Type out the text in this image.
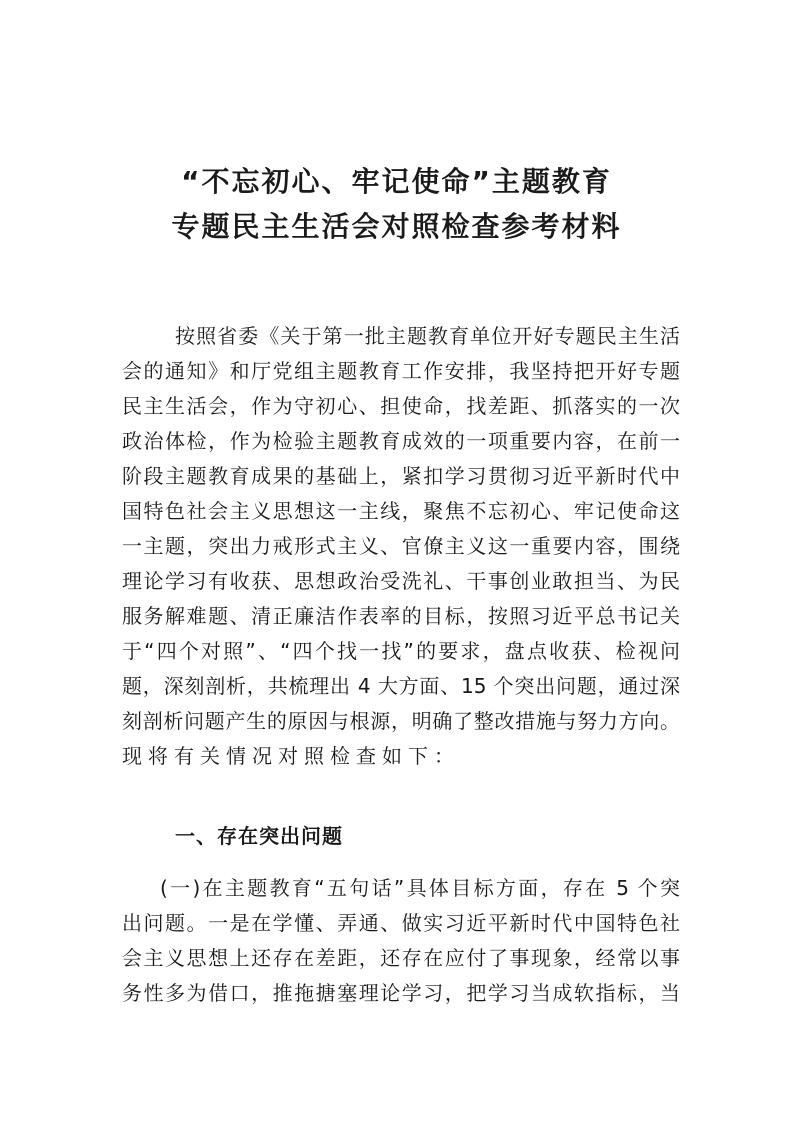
“不忘初心、牢记使命”主题教育
专题民主生活会对照检查参考材料
按照省委《关于第一批主题教育单位开好专题民主生活
会的通知》和厅党组主题教育工作安排，我坚持把开好专题
民主生活会，作为守初心、担使命，找差距、抓落实的一次
政治体检，作为检验主题教育成效的一项重要内容，在前一
阶段主题教育成果的基础上，紧扣学习贯彻习近平新时代中
国特色社会主义思想这一主线，聚焦不忘初心、牢记使命这
一主题，突出力戒形式主义、官僚主义这一重要内容，围绕
理论学习有收获、思想政治受洗礼、干事创业敢担当、为民
服务解难题、清正廉洁作表率的目标，按照习近平总书记关
于“四个对照”、“四个找一找”的要求，盘点收获、检视问
题，深刻剖析，共梳理出 4 大方面、15 个突出问题，通过深
刻剖析问题产生的原因与根源，明确了整改措施与努力方向。
现将有关情况对照检查如下：
一、存在突出问题
(一)在主题教育“五句话”具体目标方面，存在 5 个突
出问题。一是在学懂、弄通、做实习近平新时代中国特色社
会主义思想上还存在差距，还存在应付了事现象，经常以事
务性多为借口，推拖搪塞理论学习，把学习当成软指标，当
